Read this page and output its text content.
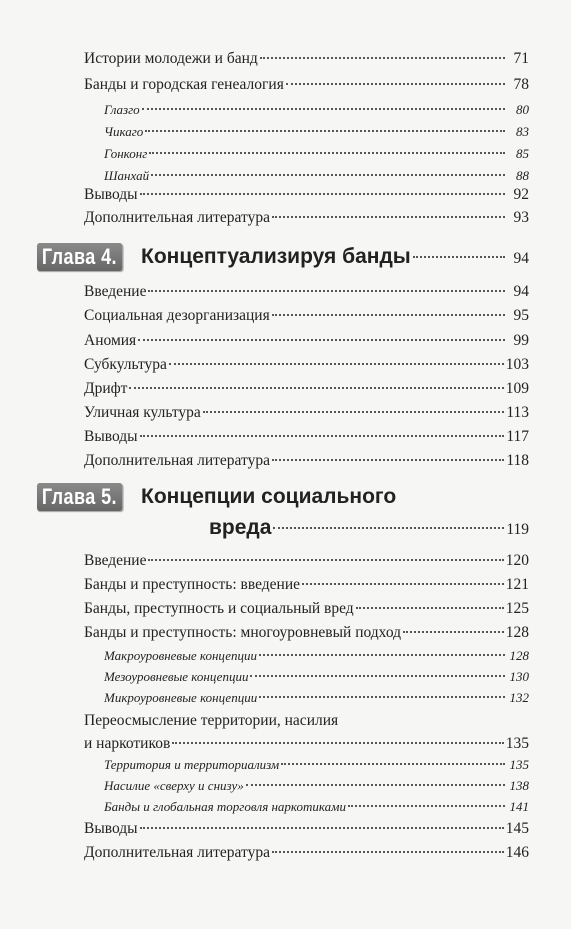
Истории молодежи и банд	71
Банды и городская генеалогия	78
Глазго	80
Чикаго	83
Гонконг	85
Шанхай	88
Выводы	92
Дополнительная литература	93
Глава 4. Концептуализируя банды	94
Введение	94
Социальная дезорганизация	95
Аномия	99
Субкультура	103
Дрифт	109
Уличная культура	113
Выводы	117
Дополнительная литература	118
Глава 5. Концепции социального
вреда	119
Введение	120
Банды и преступность: введение	121
Банды, преступность и социальный вред	125
Банды и преступность: многоуровневый подход	128
Макроуровневые концепции	128
Мезоуровневые концепции	130
Микроуровневые концепции	132
Переосмысление территории, насилия
и наркотиков	135
Территория и территориализм	135
Насилие «сверху и снизу»	138
Банды и глобальная торговля наркотиками	141
Выводы	145
Дополнительная литература	146
